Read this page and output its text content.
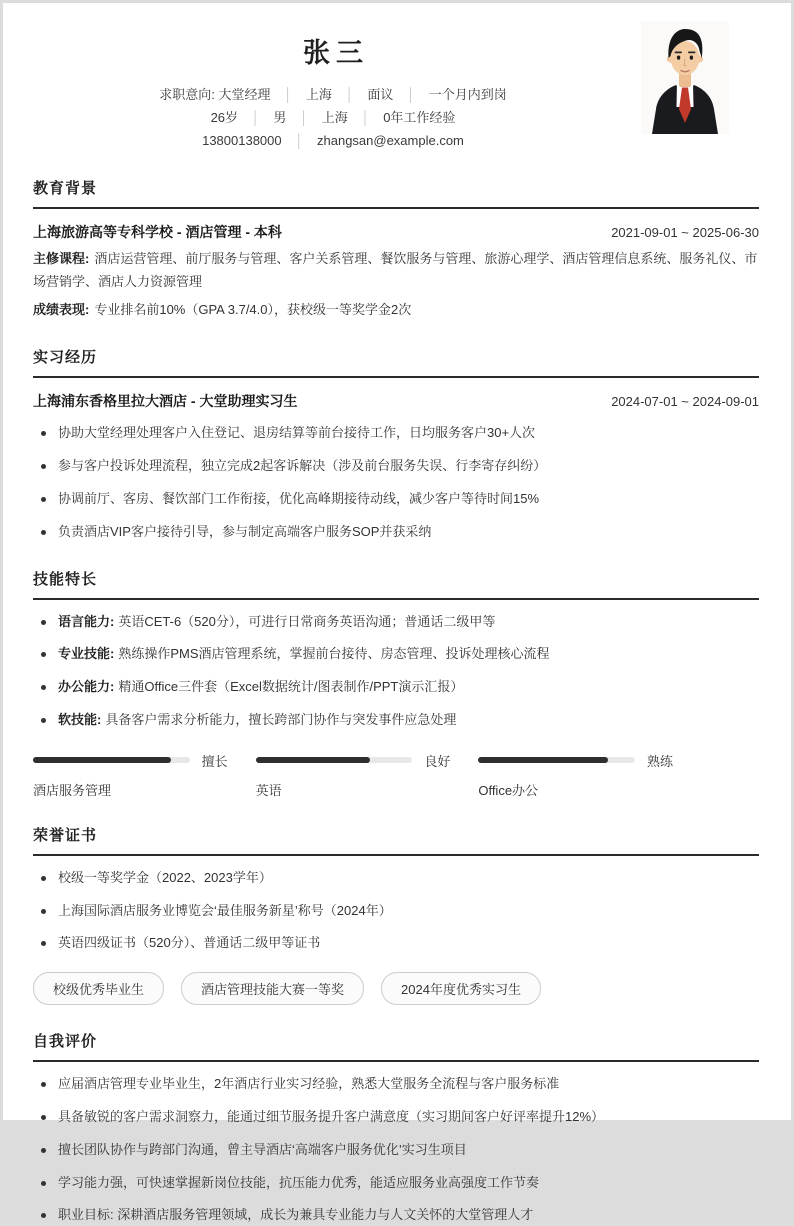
张三
求职意向: 大堂经理 │ 上海 │ 面议 │ 一个月内到岗
26岁 │ 男 │ 上海 │ 0年工作经验
13800138000 │ zhangsan@example.com
教育背景
上海旅游高等专科学校 - 酒店管理 - 本科	2021-09-01 ~ 2025-06-30
主修课程: 酒店运营管理、前厅服务与管理、客户关系管理、餐饮服务与管理、旅游心理学、酒店管理信息系统、服务礼仪、市场营销学、酒店人力资源管理
成绩表现: 专业排名前10%（GPA 3.7/4.0），获校级一等奖学金2次
实习经历
上海浦东香格里拉大酒店 - 大堂助理实习生	2024-07-01 ~ 2024-09-01
协助大堂经理处理客户入住登记、退房结算等前台接待工作，日均服务客户30+人次
参与客户投诉处理流程，独立完成2起客诉解决（涉及前台服务失误、行李寄存纠纷）
协调前厅、客房、餐饮部门工作衔接，优化高峰期接待动线，减少客户等待时间15%
负责酒店VIP客户接待引导，参与制定高端客户服务SOP并获采纳
技能特长
语言能力: 英语CET-6（520分），可进行日常商务英语沟通；普通话二级甲等
专业技能: 熟练操作PMS酒店管理系统，掌握前台接待、房态管理、投诉处理核心流程
办公能力: 精通Office三件套（Excel数据统计/图表制作/PPT演示汇报）
软技能: 具备客户需求分析能力，擅长跨部门协作与突发事件应急处理
擅长
酒店服务管理
良好
英语
熟练
Office办公
荣誉证书
校级一等奖学金（2022、2023学年）
上海国际酒店服务业博览会‘最佳服务新星’称号（2024年）
英语四级证书（520分）、普通话二级甲等证书
校级优秀毕业生	酒店管理技能大赛一等奖	2024年度优秀实习生
自我评价
应届酒店管理专业毕业生，2年酒店行业实习经验，熟悉大堂服务全流程与客户服务标准
具备敏锐的客户需求洞察力，能通过细节服务提升客户满意度（实习期间客户好评率提升12%）
擅长团队协作与跨部门沟通，曾主导酒店‘高端客户服务优化’实习生项目
学习能力强，可快速掌握新岗位技能，抗压能力优秀，能适应服务业高强度工作节奏
职业目标: 深耕酒店服务管理领域，成长为兼具专业能力与人文关怀的大堂管理人才
